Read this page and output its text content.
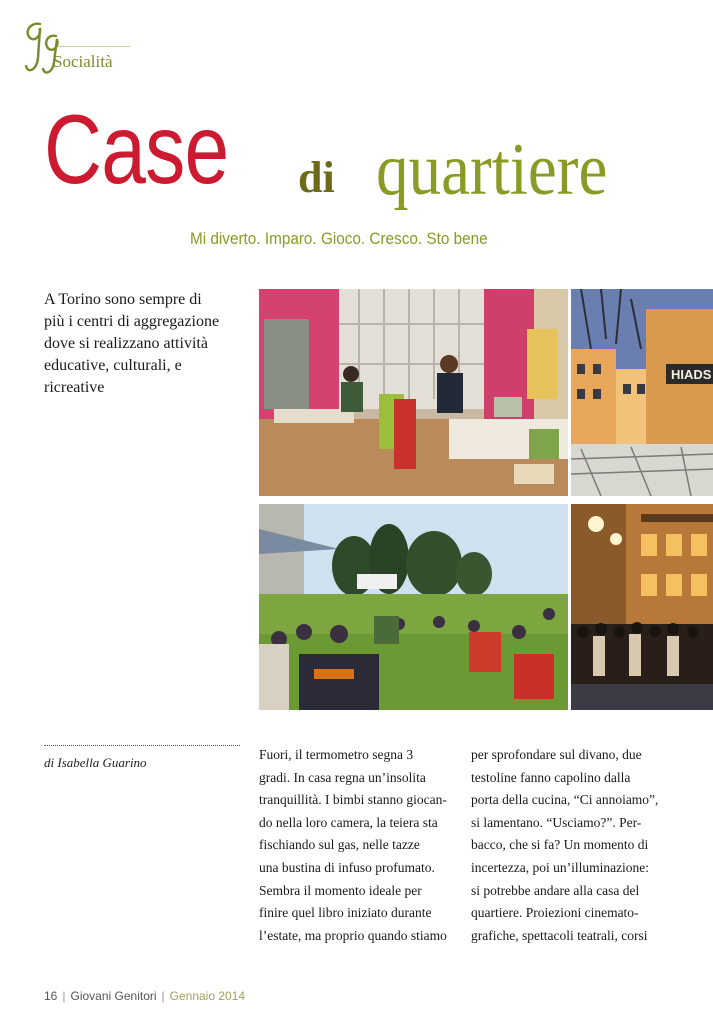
Socialità
Case di quartiere
Mi diverto. Imparo. Gioco. Cresco. Sto bene
A Torino sono sempre di più i centri di aggregazione dove si realizzano attività educative, culturali, e ricreative
HIADS
di Isabella Guarino

Fuori, il termometro segna 3

gradi. In casa regna un’insolita

tranquillità. I bimbi stanno giocan-

do nella loro camera, la teiera sta

fischiando sul gas, nelle tazze

una bustina di infuso profumato.

Sembra il momento ideale per

finire quel libro iniziato durante

l’estate, ma proprio quando stiamo

per sprofondare sul divano, due

testoline fanno capolino dalla

porta della cucina, “Ci annoiamo”,

si lamentano. “Usciamo?”. Per-

bacco, che si fa? Un momento di

incertezza, poi un’illuminazione:

si potrebbe andare alla casa del

quartiere. Proiezioni cinemato-

grafiche, spettacoli teatrali, corsi

16 | Giovani Genitori | Gennaio 2014
